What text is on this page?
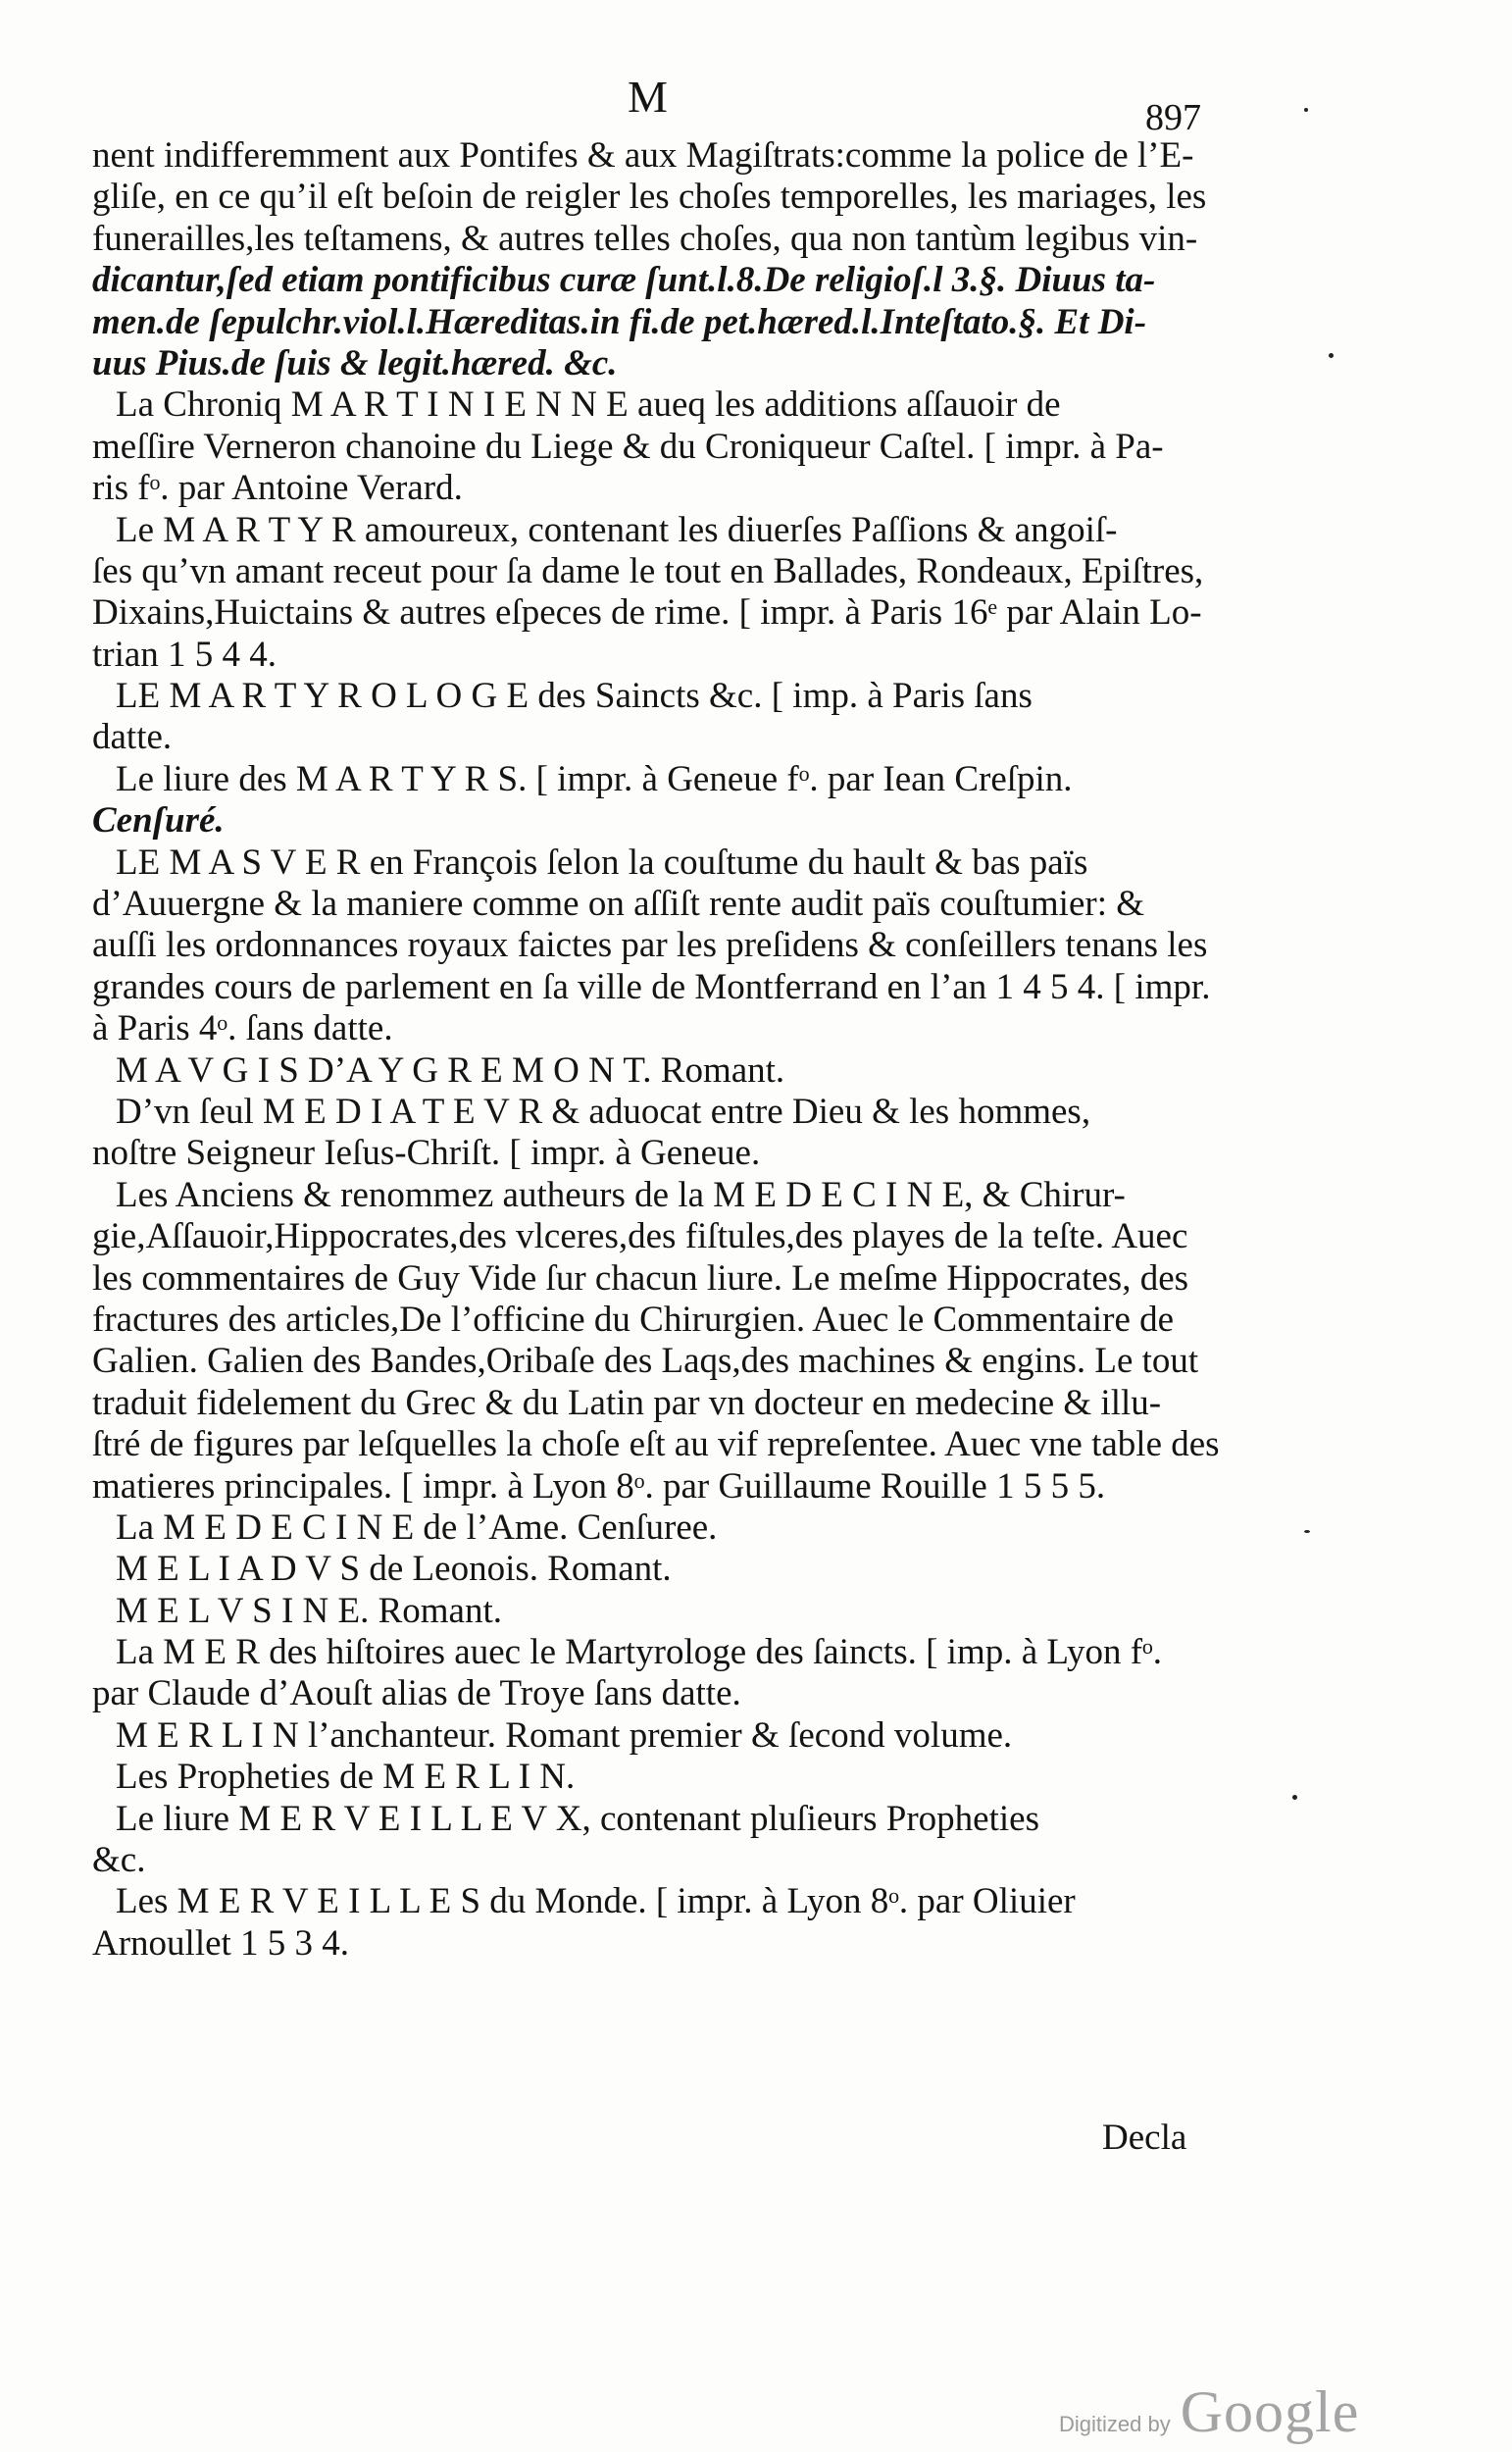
M	897
nent indifferemment aux Pontifes & aux Magiſtrats:comme la police de l’E-
gliſe, en ce qu’il eſt beſoin de reigler les choſes temporelles, les mariages, les
funerailles,les teſtamens, & autres telles choſes, qua non tantùm legibus vin-
dicantur,ſed etiam pontificibus curæ ſunt.l.8.De religioſ.l 3.§. Diuus ta-
men.de ſepulchr.viol.l.Hæreditas.in fi.de pet.hæred.l.Inteſtato.§. Et Di-
uus Pius.de ſuis & legit.hæred. &c.
La Chroniq M A R T I N I E N N E aueq les additions aſſauoir de
meſſire Verneron chanoine du Liege & du Croniqueur Caſtel. [ impr. à Pa-
ris fᵒ. par Antoine Verard.
Le M A R T Y R amoureux, contenant les diuerſes Paſſions & angoiſ-
ſes qu’vn amant receut pour ſa dame le tout en Ballades, Rondeaux, Epiſtres,
Dixains,Huictains & autres eſpeces de rime. [ impr. à Paris 16ᵉ par Alain Lo-
trian 1 5 4 4.
LE M A R T Y R O L O G E des Saincts &c. [ imp. à Paris ſans
datte.
Le liure des M A R T Y R S. [ impr. à Geneue fᵒ. par Iean Creſpin.
Cenſuré.
LE M A S V E R en François ſelon la couſtume du hault & bas païs
d’Auuergne & la maniere comme on aſſiſt rente audit païs couſtumier: &
auſſi les ordonnances royaux faictes par les preſidens & conſeillers tenans les
grandes cours de parlement en ſa ville de Montferrand en l’an 1 4 5 4. [ impr.
à Paris 4ᵒ. ſans datte.
M A V G I S D’A Y G R E M O N T. Romant.
D’vn ſeul M E D I A T E V R & aduocat entre Dieu & les hommes,
noſtre Seigneur Ieſus-Chriſt. [ impr. à Geneue.
Les Anciens & renommez autheurs de la M E D E C I N E, & Chirur-
gie,Aſſauoir,Hippocrates,des vlceres,des fiſtules,des playes de la teſte. Auec
les commentaires de Guy Vide ſur chacun liure. Le meſme Hippocrates, des
fractures des articles,De l’officine du Chirurgien. Auec le Commentaire de
Galien. Galien des Bandes,Oribaſe des Laqs,des machines & engins. Le tout
traduit fidelement du Grec & du Latin par vn docteur en medecine & illu-
ſtré de figures par leſquelles la choſe eſt au vif repreſentee. Auec vne table des
matieres principales. [ impr. à Lyon 8ᵒ. par Guillaume Rouille 1 5 5 5.
La M E D E C I N E de l’Ame. Cenſuree.
M E L I A D V S de Leonois. Romant.
M E L V S I N E. Romant.
La M E R des hiſtoires auec le Martyrologe des ſaincts. [ imp. à Lyon fᵒ.
par Claude d’Aouſt alias de Troye ſans datte.
M E R L I N l’anchanteur. Romant premier & ſecond volume.
Les Propheties de M E R L I N.
Le liure M E R V E I L L E V X, contenant pluſieurs Propheties
&c.
Les M E R V E I L L E S du Monde. [ impr. à Lyon 8ᵒ. par Oliuier
Arnoullet 1 5 3 4.
Decla
Digitized by Google
